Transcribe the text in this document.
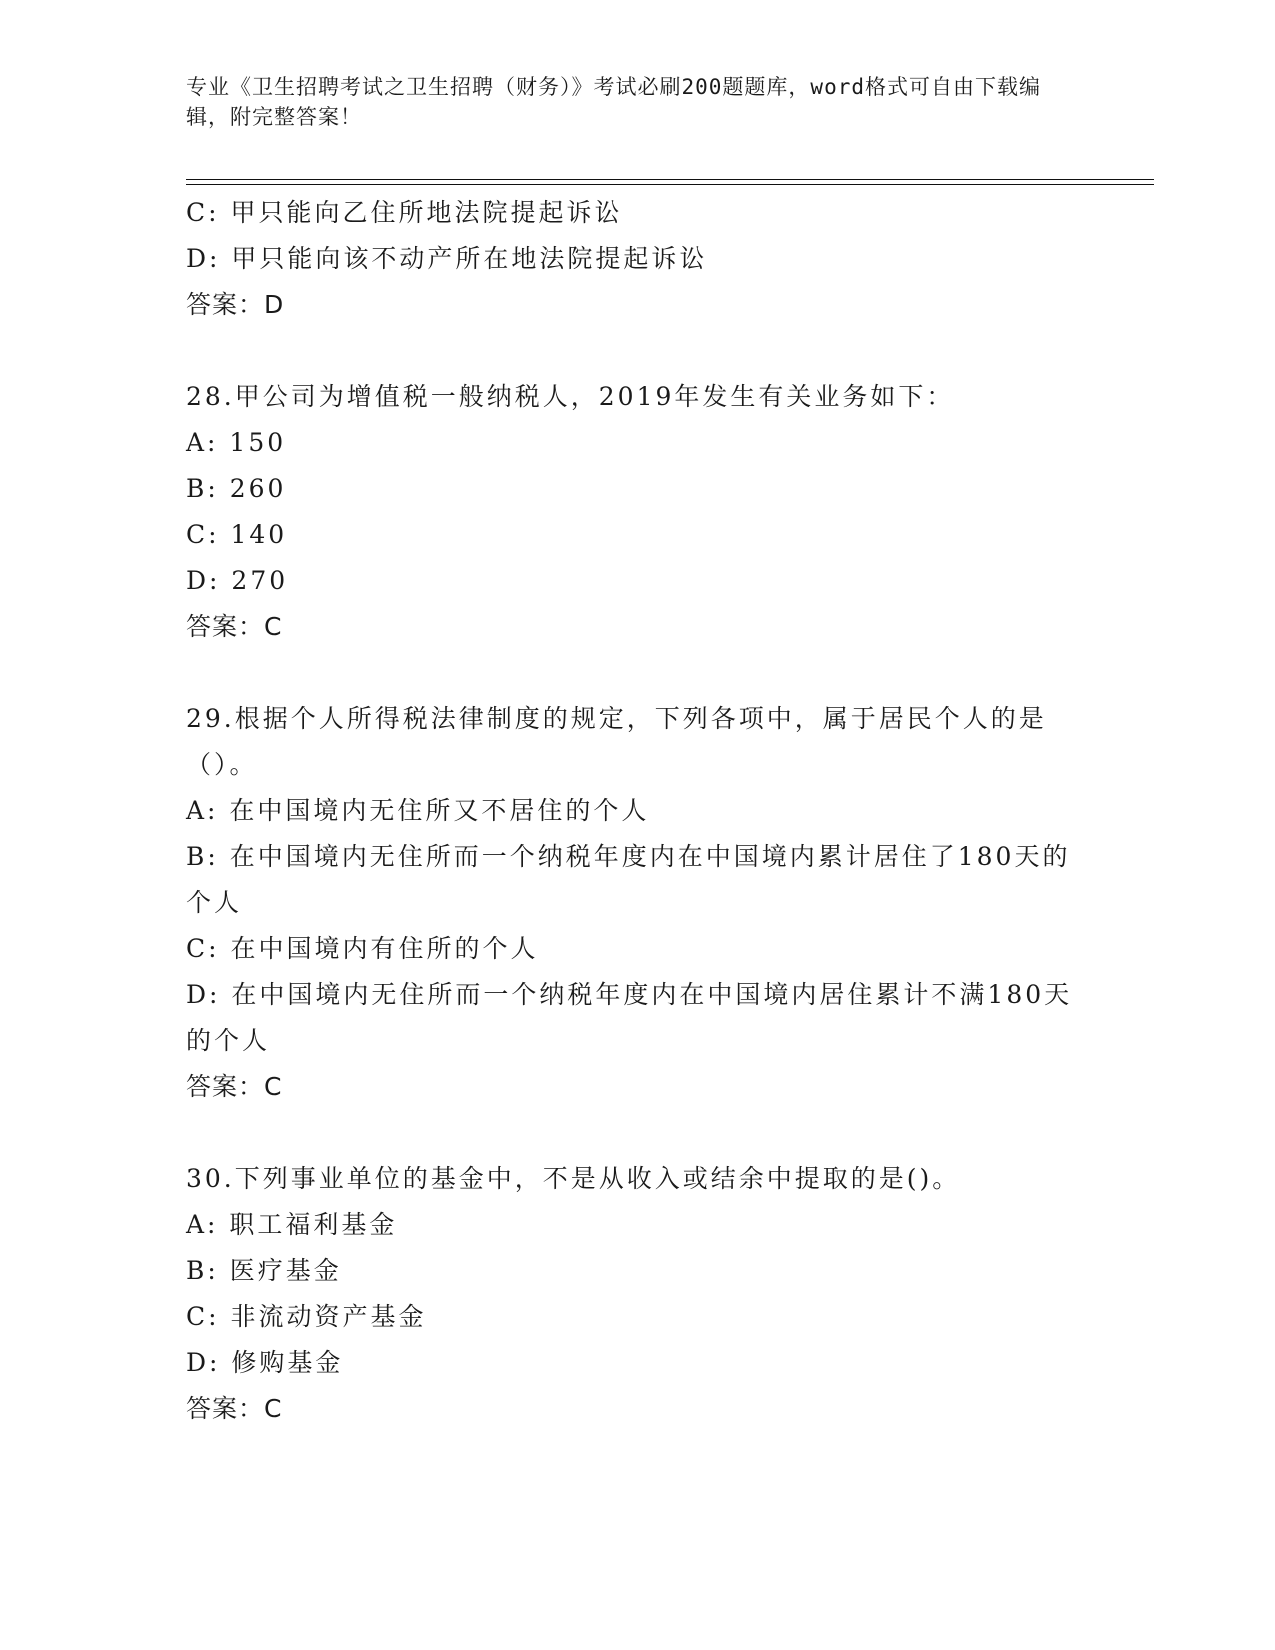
专业《卫生招聘考试之卫生招聘（财务）》考试必刷200题题库，word格式可自由下载编辑，附完整答案！
C: 甲只能向乙住所地法院提起诉讼
D: 甲只能向该不动产所在地法院提起诉讼
答案：D
28.甲公司为增值税一般纳税人，2019年发生有关业务如下：
A: 150
B: 260
C: 140
D: 270
答案：C
29.根据个人所得税法律制度的规定，下列各项中，属于居民个人的是（）。
A: 在中国境内无住所又不居住的个人
B: 在中国境内无住所而一个纳税年度内在中国境内累计居住了180天的个人
C: 在中国境内有住所的个人
D: 在中国境内无住所而一个纳税年度内在中国境内居住累计不满180天的个人
答案：C
30.下列事业单位的基金中，不是从收入或结余中提取的是()。
A: 职工福利基金
B: 医疗基金
C: 非流动资产基金
D: 修购基金
答案：C
